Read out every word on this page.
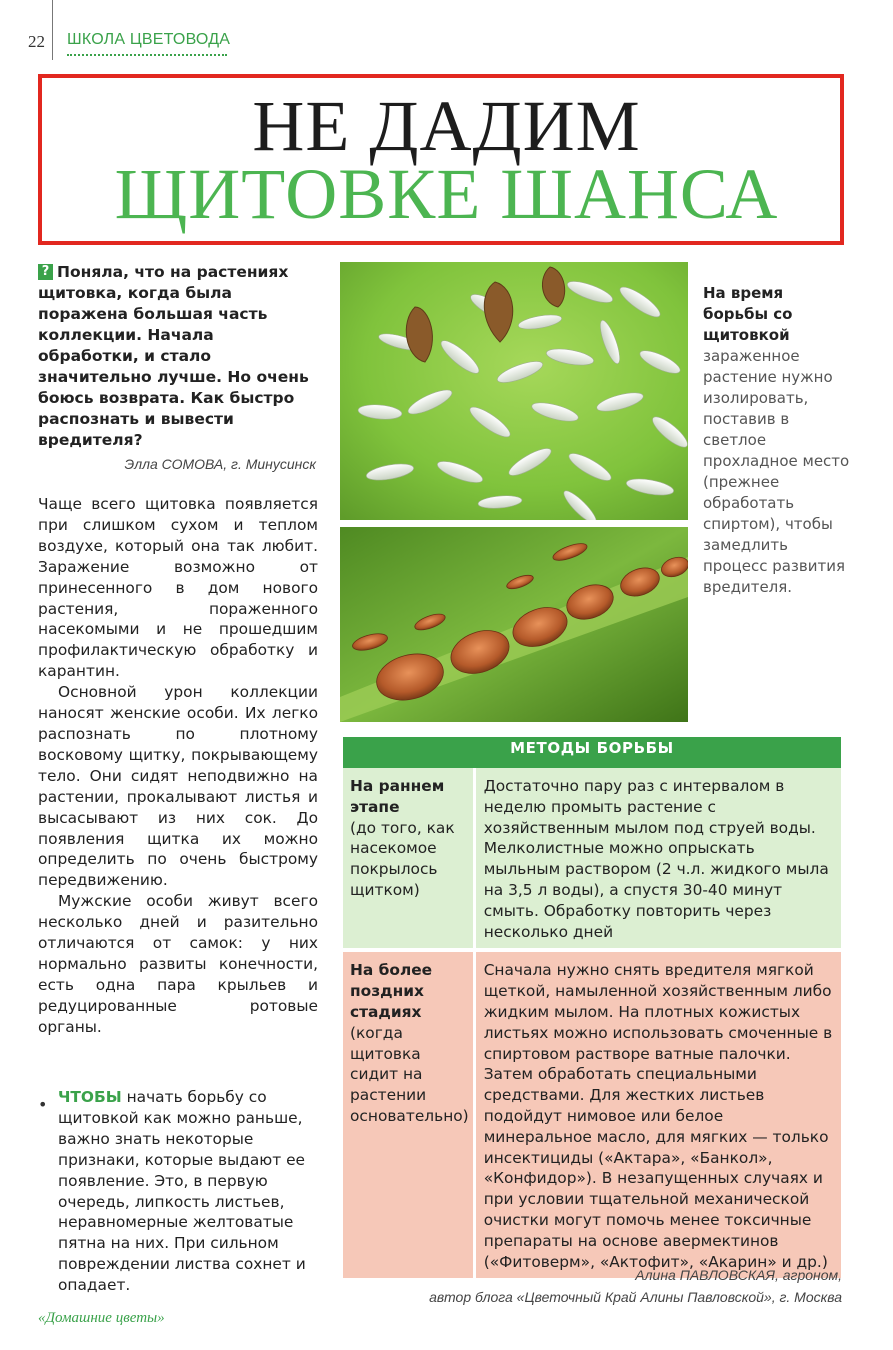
22 ШКОЛА ЦВЕТОВОДА
НЕ ДАДИМ
ЩИТОВКЕ ШАНСА
Поняла, что на растениях щитовка, когда была поражена большая часть коллекции. Начала обработки, и стало значительно лучше. Но очень боюсь возврата. Как быстро распознать и вывести вредителя?
?
Элла СОМОВА, г. Минусинск

Чаще всего щитовка появляется при слишком сухом и теплом воздухе, который она так любит. Заражение возможно от принесенного в дом нового растения, пораженного насекомыми и не прошедшим профилактическую обработку и карантин.

Основной урон коллекции наносят женские особи. Их легко распознать по плотному восковому щитку, покрывающему тело. Они сидят неподвижно на растении, прокалывают листья и высасывают из них сок. До появления щитка их можно определить по очень быстрому передвижению.

Мужские особи живут всего несколько дней и разительно отличаются от самок: у них нормально развиты конечности, есть одна пара крыльев и редуцированные ротовые органы.

• ЧТОБЫ начать борьбу со щитовкой как можно раньше, важно знать некоторые признаки, которые выдают ее появление. Это, в первую очередь, липкость листьев, неравномерные желтоватые пятна на них. При сильном повреждении листва сохнет и опадает.
На время борьбы со щитовкой
зараженное растение нужно изолировать, поставив в светлое прохладное место (прежнее обработать спиртом), чтобы замедлить процесс развития вредителя.
МЕТОДЫ БОРЬБЫ	

На раннем этапе
(до того, как насекомое покрылось щитком)	Достаточно пару раз с интервалом в неделю промыть растение с хозяйственным мылом под струей воды. Мелколистные можно опрыскать мыльным раствором (2 ч.л. жидкого мыла на 3,5 л воды), а спустя 30-40 минут смыть. Обработку повторить через несколько дней

На более поздних стадиях
(когда щитовка сидит на растении основательно)	Сначала нужно снять вредителя мягкой щеткой, намыленной хозяйственным либо жидким мылом. На плотных кожистых листьях можно использовать смоченные в спиртовом растворе ватные палочки. Затем обработать специальными средствами. Для жестких листьев подойдут нимовое или белое минеральное масло, для мягких — только инсектициды («Актара», «Банкол», «Конфидор»). В незапущенных случаях и при условии тщательной механической очистки могут помочь менее токсичные препараты на основе авермектинов («Фитоверм», «Актофит», «Акарин» и др.)
Алина ПАВЛОВСКАЯ, агроном,
автор блога «Цветочный Край Алины Павловской», г. Москва
«Домашние цветы»
